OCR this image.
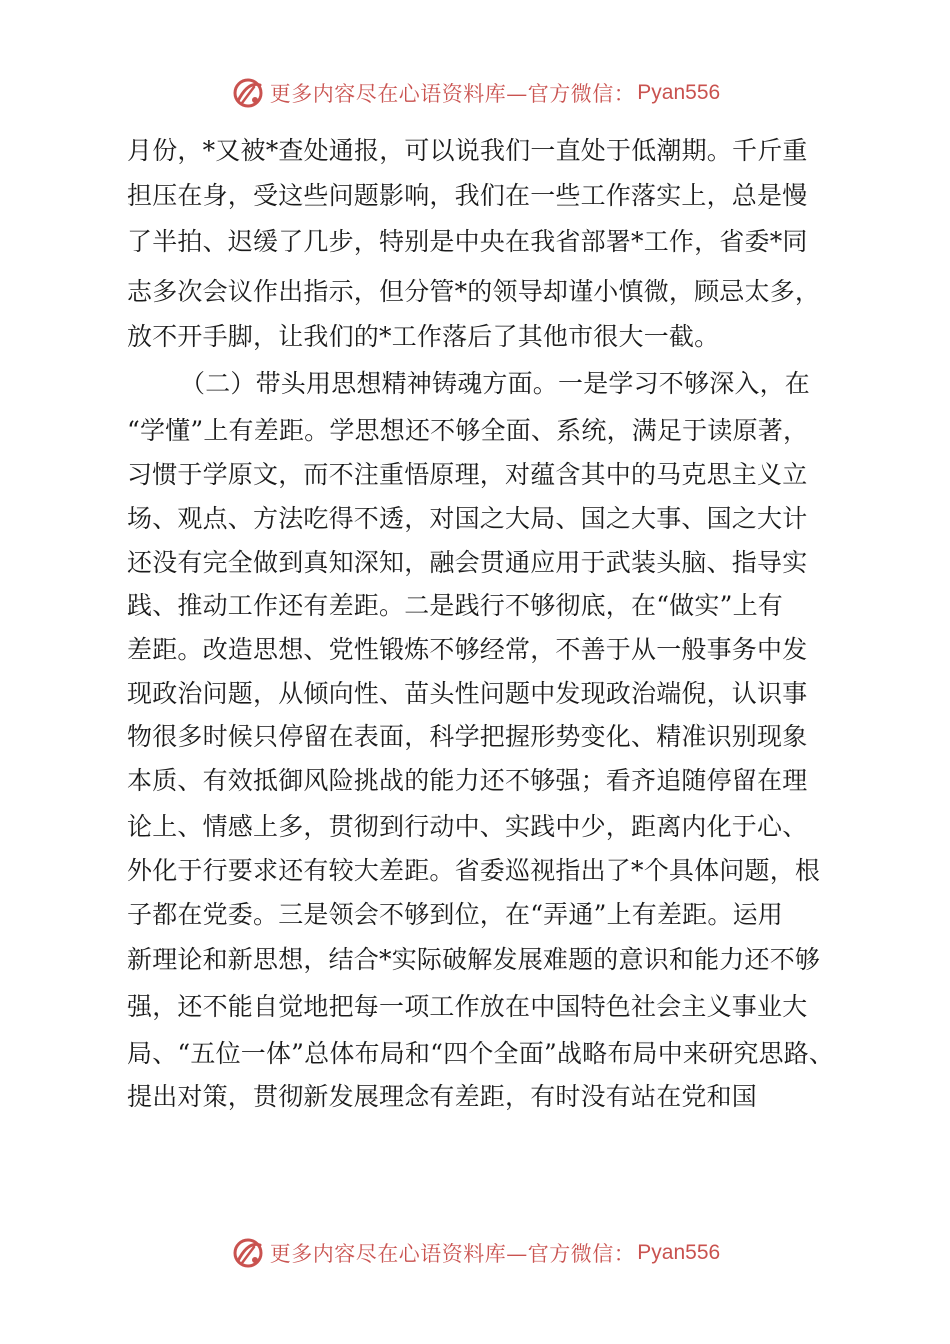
更多内容尽在心语资料库—官方微信： Pyan556
月份，*又被*查处通报，可以说我们一直处于低潮期。千斤重
担压在身，受这些问题影响，我们在一些工作落实上，总是慢
了半拍、迟缓了几步，特别是中央在我省部署*工作，省委*同
志多次会议作出指示，但分管*的领导却谨小慎微，顾忌太多，
放不开手脚，让我们的*工作落后了其他市很大一截。
（二）带头用思想精神铸魂方面。一是学习不够深入，在
“学懂”上有差距。学思想还不够全面、系统，满足于读原著，
习惯于学原文，而不注重悟原理，对蕴含其中的马克思主义立
场、观点、方法吃得不透，对国之大局、国之大事、国之大计
还没有完全做到真知深知，融会贯通应用于武装头脑、指导实
践、推动工作还有差距。二是践行不够彻底，在“做实”上有
差距。改造思想、党性锻炼不够经常，不善于从一般事务中发
现政治问题，从倾向性、苗头性问题中发现政治端倪，认识事
物很多时候只停留在表面，科学把握形势变化、精准识别现象
本质、有效抵御风险挑战的能力还不够强；看齐追随停留在理
论上、情感上多，贯彻到行动中、实践中少，距离内化于心、
外化于行要求还有较大差距。省委巡视指出了*个具体问题，根
子都在党委。三是领会不够到位，在“弄通”上有差距。运用
新理论和新思想，结合*实际破解发展难题的意识和能力还不够
强，还不能自觉地把每一项工作放在中国特色社会主义事业大
局、“五位一体”总体布局和“四个全面”战略布局中来研究思路、
提出对策，贯彻新发展理念有差距，有时没有站在党和国
更多内容尽在心语资料库—官方微信： Pyan556
